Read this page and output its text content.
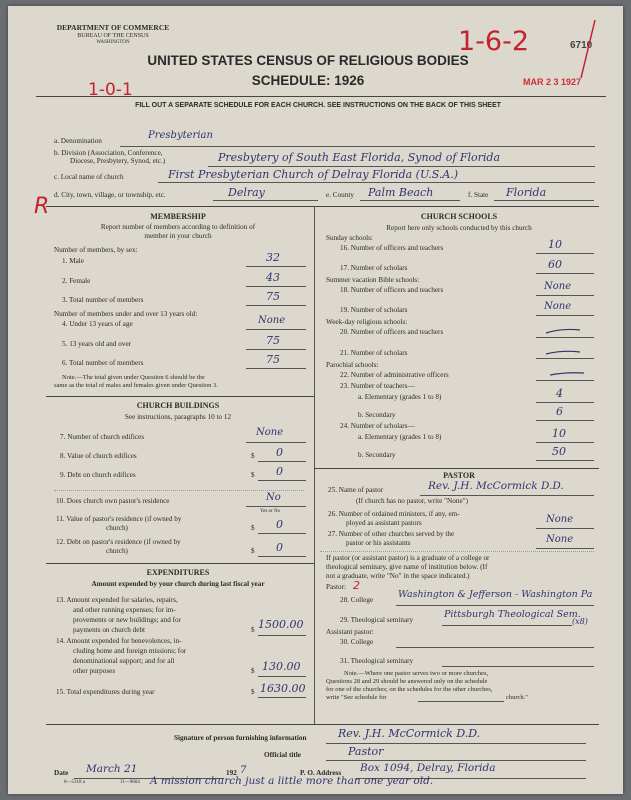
DEPARTMENT OF COMMERCE
BUREAU OF THE CENSUS
WASHINGTON
UNITED STATES CENSUS OF RELIGIOUS BODIES
SCHEDULE: 1926
FILL OUT A SEPARATE SCHEDULE FOR EACH CHURCH. SEE INSTRUCTIONS ON THE BACK OF THIS SHEET
6710
MAR 2 3 1927
1-0-1
1-6-2
R
a. Denomination	Presbyterian
b. Division (Association, Conference,
Diocese, Presbytery, Synod, etc.)	Presbytery of South East Florida, Synod of Florida
c. Local name of church	First Presbyterian Church of Delray Florida (U.S.A.)
d. City, town, village, or township, etc.	Delray	e. County Palm Beach	f. State Florida
MEMBERSHIP
Report number of members according to definition of
member in your church
Number of members, by sex:
1. Male	32
2. Female	43
3. Total number of members	75
Number of members under and over 13 years old:
4. Under 13 years of age	None
5. 13 years old and over	75
6. Total number of members	75
Note.—The total given under Question 6 should be the
same as the total of males and females given under Question 3.
CHURCH BUILDINGS
See instructions, paragraphs 10 to 12
7. Number of church edifices	None
8. Value of church edifices	$ 0
9. Debt on church edifices	$ 0
10. Does church own pastor's residence	No
Yes or No
11. Value of pastor's residence (if owned by
church)	$ 0
12. Debt on pastor's residence (if owned by
church)	$ 0
EXPENDITURES
Amount expended by your church during last fiscal year
13. Amount expended for salaries, repairs,
and other running expenses; for im-
provements or new buildings; and for
payments on church debt	$ 1500.00
14. Amount expended for benevolences, in-
cluding home and foreign missions; for
denominational support; and for all
other purposes	$ 130.00
15. Total expenditures during year	$ 1630.00
CHURCH SCHOOLS
Report here only schools conducted by this church
Sunday schools:
16. Number of officers and teachers	10
17. Number of scholars	60
Summer vacation Bible schools:
18. Number of officers and teachers	None
19. Number of scholars	None
Week-day religious schools:
20. Number of officers and teachers
21. Number of scholars
Parochial schools:
22. Number of administrative officers
23. Number of teachers—
a. Elementary (grades 1 to 8)	4
b. Secondary	6
24. Number of scholars—
a. Elementary (grades 1 to 8)	10
b. Secondary	50
PASTOR
25. Name of pastor	Rev. J.H. McCormick D.D.
(If church has no pastor, write "None")
26. Number of ordained ministers, if any, em-
ployed as assistant pastors	None
27. Number of other churches served by the
pastor or his assistants	None
If pastor (or assistant pastor) is a graduate of a college or
theological seminary, give name of institution below. (If
not a graduate, write "No" in the space indicated.)
Pastor: 2
28. College	Washington & Jefferson - Washington Pa
29. Theological seminary	Pittsburgh Theological Sem.
(x8)
Assistant pastor:
30. College
31. Theological seminary
Note.—Where one pastor serves two or more churches,
Questions 28 and 29 should be answered only on the schedule
for one of the churches; on the schedules for the other churches,
write "See schedule for	church."
Signature of person furnishing information	Rev. J.H. McCormick D.D.
Official title	Pastor
Date March 21	192 7	P. O. Address Box 1094, Delray, Florida
6—5318 a	11—9604 A mission church just a little more than one year old.
